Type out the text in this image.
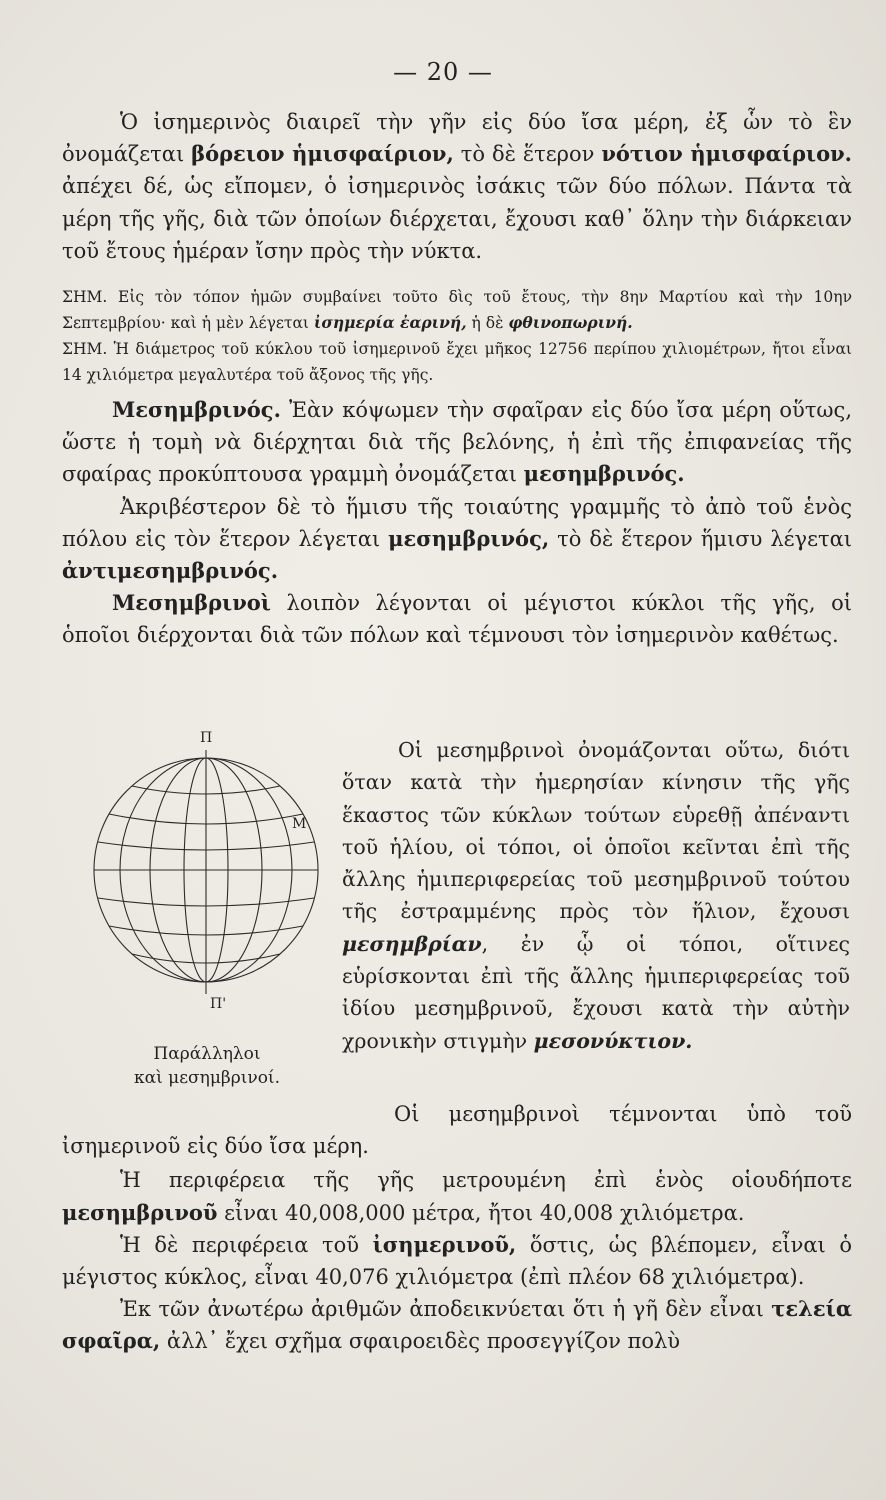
— 20 —

Ὁ ἰσημερινὸς διαιρεῖ τὴν γῆν εἰς δύο ἴσα μέρη, ἐξ ὧν τὸ ἓν ὀνομάζεται βόρειον ἡμισφαίριον, τὸ δὲ ἕτερον νότιον ἡμισφαίριον. ἀπέχει δέ, ὡς εἴπομεν, ὁ ἰσημερινὸς ἰσάκις τῶν δύο πόλων. Πάντα τὰ μέρη τῆς γῆς, διὰ τῶν ὁποίων διέρχεται, ἔχουσι καθ᾽ ὅλην τὴν διάρκειαν τοῦ ἔτους ἡμέραν ἴσην πρὸς τὴν νύκτα.

ΣΗΜ. Εἰς τὸν τόπον ἡμῶν συμβαίνει τοῦτο δὶς τοῦ ἔτους, τὴν 8ην Μαρτίου καὶ τὴν 10ην Σεπτεμβρίου· καὶ ἡ μὲν λέγεται ἰσημερία ἐαρινή, ἡ δὲ φθινοπωρινή.

ΣΗΜ. Ἡ διάμετρος τοῦ κύκλου τοῦ ἰσημερινοῦ ἔχει μῆκος 12756 περίπου χιλιομέτρων, ἤτοι εἶναι 14 χιλιόμετρα μεγαλυτέρα τοῦ ἄξονος τῆς γῆς.

Μεσημβρινός. Ἐὰν κόψωμεν τὴν σφαῖραν εἰς δύο ἴσα μέρη οὕτως, ὥστε ἡ τομὴ νὰ διέρχηται διὰ τῆς βελόνης, ἡ ἐπὶ τῆς ἐπιφανείας τῆς σφαίρας προκύπτουσα γραμμὴ ὀνομάζεται μεσημβρινός.

Ἀκριβέστερον δὲ τὸ ἥμισυ τῆς τοιαύτης γραμμῆς τὸ ἀπὸ τοῦ ἑνὸς πόλου εἰς τὸν ἕτερον λέγεται μεσημβρινός, τὸ δὲ ἕτερον ἥμισυ λέγεται ἀντιμεσημβρινός.

Μεσημβρινοὶ λοιπὸν λέγονται οἱ μέγιστοι κύκλοι τῆς γῆς, οἱ ὁποῖοι διέρχονται διὰ τῶν πόλων καὶ τέμνουσι τὸν ἰσημερινὸν καθέτως.

Π
Μ
Π'
Παράλληλοι
καὶ μεσημβρινοί.

Οἱ μεσημβρινοὶ ὀνομάζονται οὕτω, διότι ὅταν κατὰ τὴν ἡμερησίαν κίνησιν τῆς γῆς ἕκαστος τῶν κύκλων τούτων εὑρεθῇ ἀπέναντι τοῦ ἡλίου, οἱ τόποι, οἱ ὁποῖοι κεῖνται ἐπὶ τῆς ἄλλης ἡμιπεριφερείας τοῦ μεσημβρινοῦ τούτου τῆς ἐστραμμένης πρὸς τὸν ἥλιον, ἔχουσι μεσημβρίαν, ἐν ᾧ οἱ τόποι, οἵτινες εὑρίσκονται ἐπὶ τῆς ἄλλης ἡμιπεριφερείας τοῦ ἰδίου μεσημβρινοῦ, ἔχουσι κατὰ τὴν αὐτὴν χρονικὴν στιγμὴν μεσονύκτιον.

Οἱ μεσημβρινοὶ τέμνονται ὑπὸ τοῦ ἰσημερινοῦ εἰς δύο ἴσα μέρη.

Ἡ περιφέρεια τῆς γῆς μετρουμένη ἐπὶ ἑνὸς οἱουδήποτε μεσημβρινοῦ εἶναι 40,008,000 μέτρα, ἤτοι 40,008 χιλιόμετρα.

Ἡ δὲ περιφέρεια τοῦ ἰσημερινοῦ, ὅστις, ὡς βλέπομεν, εἶναι ὁ μέγιστος κύκλος, εἶναι 40,076 χιλιόμετρα (ἐπὶ πλέον 68 χιλιόμετρα).

Ἐκ τῶν ἀνωτέρω ἀριθμῶν ἀποδεικνύεται ὅτι ἡ γῆ δὲν εἶναι τελεία σφαῖρα, ἀλλ᾽ ἔχει σχῆμα σφαιροειδὲς προσεγγίζον πολὺ
